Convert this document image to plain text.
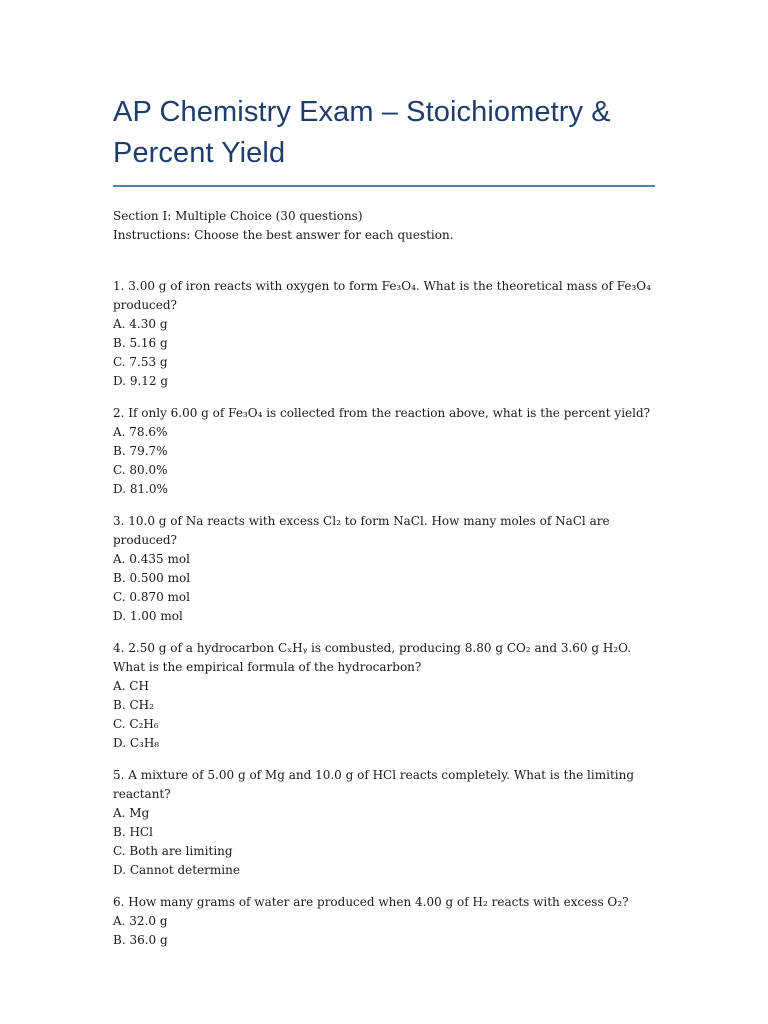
AP Chemistry Exam – Stoichiometry & Percent Yield
Section I: Multiple Choice (30 questions)
Instructions: Choose the best answer for each question.

1. 3.00 g of iron reacts with oxygen to form Fe₃O₄. What is the theoretical mass of Fe₃O₄ produced?

A. 4.30 g

B. 5.16 g

C. 7.53 g

D. 9.12 g

2. If only 6.00 g of Fe₃O₄ is collected from the reaction above, what is the percent yield?

A. 78.6%

B. 79.7%

C. 80.0%

D. 81.0%

3. 10.0 g of Na reacts with excess Cl₂ to form NaCl. How many moles of NaCl are produced?

A. 0.435 mol

B. 0.500 mol

C. 0.870 mol

D. 1.00 mol

4. 2.50 g of a hydrocarbon CₓHᵧ is combusted, producing 8.80 g CO₂ and 3.60 g H₂O. What is the empirical formula of the hydrocarbon?

A. CH

B. CH₂

C. C₂H₆

D. C₃H₈

5. A mixture of 5.00 g of Mg and 10.0 g of HCl reacts completely. What is the limiting reactant?

A. Mg

B. HCl

C. Both are limiting

D. Cannot determine

6. How many grams of water are produced when 4.00 g of H₂ reacts with excess O₂?

A. 32.0 g

B. 36.0 g
